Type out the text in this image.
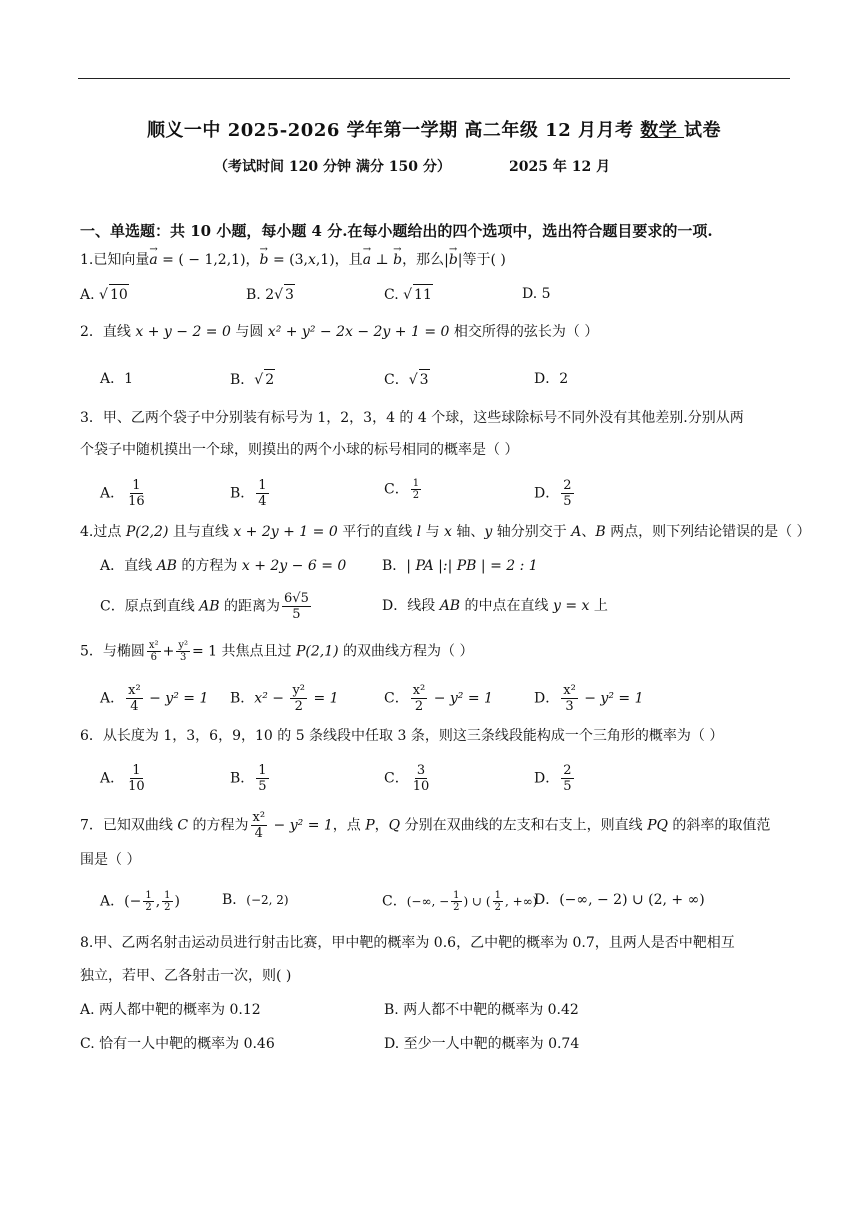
顺义一中 2025-2026 学年第一学期 高二年级 12 月月考 数学 试卷
（考试时间 120 分钟 满分 150 分）	2025 年 12 月
一、单选题：共 10 小题，每小题 4 分.在每小题给出的四个选项中，选出符合题目要求的一项.
1.已知向量→ a = ( − 1,2,1)，→ b = (3,x,1)，且→ a ⊥ → b，那么|→ b|等于( )
A. √ 10	B. 2√ 3	C. √ 11	D. 5
2．直线 x + y − 2 = 0 与圆 x² + y² − 2x − 2y + 1 = 0 相交所得的弦长为（ ）
A．1	B．√ 2	C．√ 3	D．2
3．甲、乙两个袋子中分别装有标号为 1，2，3，4 的 4 个球，这些球除标号不同外没有其他差别.分别从两
个袋子中随机摸出一个球，则摸出的两个小球的标号相同的概率是（ ）
A． $\frac{1}{16}$	B． $\frac{1}{4}$	C． $\frac{1}{2}$	D． $\frac{2}{5}$
4.过点 P(2,2) 且与直线 x + 2y + 1 = 0 平行的直线 l 与 x 轴、y 轴分别交于 A、B 两点，则下列结论错误的是（ ）
A．直线 AB 的方程为 x + 2y − 6 = 0	B．| PA |:| PB | = 2 : 1
C．原点到直线 AB 的距离为 $\frac{6√5}{5}$	D．线段 AB 的中点在直线 y = x 上
5．与椭圆 $\frac{\text{x²}}{6} + \frac{\text{y²}}{3} = 1$ 共焦点且过 P(2,1) 的双曲线方程为（ ）
A． $\frac{\text{x²}}{4} - y^2 = 1$ B．$x^2 - \frac{\text{y²}}{2} = 1$	C． $\frac{\text{x²}}{2} - y^2 = 1$	D． $\frac{\text{x²}}{3} - y^2 = 1$
6．从长度为 1，3，6，9，10 的 5 条线段中任取 3 条，则这三条线段能构成一个三角形的概率为（ ）
A． $\frac{1}{10}$	B． $\frac{1}{5}$	C． $\frac{3}{10}$	D． $\frac{2}{5}$
7．已知双曲线 C 的方程为 $\frac{\text{x²}}{4} - y^2 = 1$，点 P，Q 分别在双曲线的左支和右支上，则直线 PQ 的斜率的取值范
围是（ ）
A．(− $\frac{1}{2}$ , $\frac{1}{2}$ )	B．(−2, 2)	C．(−∞, − $\frac{1}{2}$ ) ∪ ( $\frac{1}{2}$ , +∞)
D．(−∞, − 2) ∪ (2, + ∞)
8.甲、乙两名射击运动员进行射击比赛，甲中靶的概率为 0.6，乙中靶的概率为 0.7，且两人是否中靶相互
独立，若甲、乙各射击一次，则( )
A. 两人都中靶的概率为 0.12	B. 两人都不中靶的概率为 0.42
C. 恰有一人中靶的概率为 0.46	D. 至少一人中靶的概率为 0.74
